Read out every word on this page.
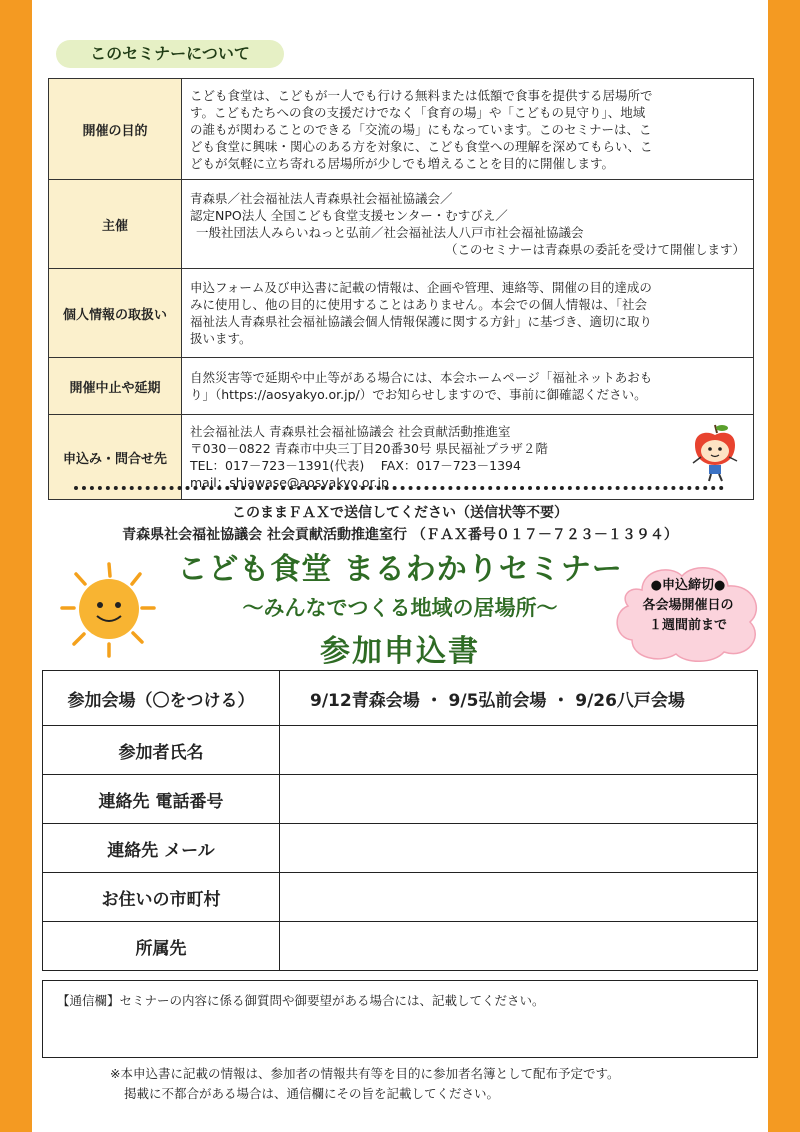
このセミナーについて
開催の目的	こども食堂は、こどもが一人でも行ける無料または低額で食事を提供する居場所で
す。こどもたちへの食の支援だけでなく「食育の場」や「こどもの見守り」、地域
の誰もが関わることのできる「交流の場」にもなっています。このセミナーは、こ
ども食堂に興味・関心のある方を対象に、こども食堂への理解を深めてもらい、こ
どもが気軽に立ち寄れる居場所が少しでも増えることを目的に開催します。

主催	青森県／社会福祉法人青森県社会福祉協議会／
認定NPO法人 全国こども食堂支援センター・むすびえ／
一般社団法人みらいねっと弘前／社会福祉法人八戸市社会福祉協議会
（このセミナーは青森県の委託を受けて開催します）

個人情報の取扱い	申込フォーム及び申込書に記載の情報は、企画や管理、連絡等、開催の目的達成の
みに使用し、他の目的に使用することはありません。本会での個人情報は、「社会
福祉法人青森県社会福祉協議会個人情報保護に関する方針」に基づき、適切に取り
扱います。

開催中止や延期	自然災害等で延期や中止等がある場合には、本会ホームページ「福祉ネットあおも
り」（https://aosyakyo.or.jp/）でお知らせしますので、事前に御確認ください。

申込み・問合せ先	社会福祉法人 青森県社会福祉協議会 社会貢献活動推進室
〒030－0822 青森市中央三丁目20番30号 県民福祉プラザ２階
TEL：017－723－1391(代表)　 FAX：017－723－1394
mail：shiawase@aosyakyo.or.jp
このままＦＡＸで送信してください（送信状等不要）
青森県社会福祉協議会 社会貢献活動推進室行 （ＦＡＸ番号０１７－７２３－１３９４）
こども食堂 まるわかりセミナー
～みんなでつくる地域の居場所～
参加申込書
●申込締切●
各会場開催日の
１週間前まで
参加会場（〇をつける）	9/12青森会場 ・ 9/5弘前会場 ・ 9/26八戸会場
参加者氏名	
連絡先 電話番号	
連絡先 メール	
お住いの市町村	
所属先	
【通信欄】セミナーの内容に係る御質問や御要望がある場合には、記載してください。
※本申込書に記載の情報は、参加者の情報共有等を目的に参加者名簿として配布予定です。
掲載に不都合がある場合は、通信欄にその旨を記載してください。
